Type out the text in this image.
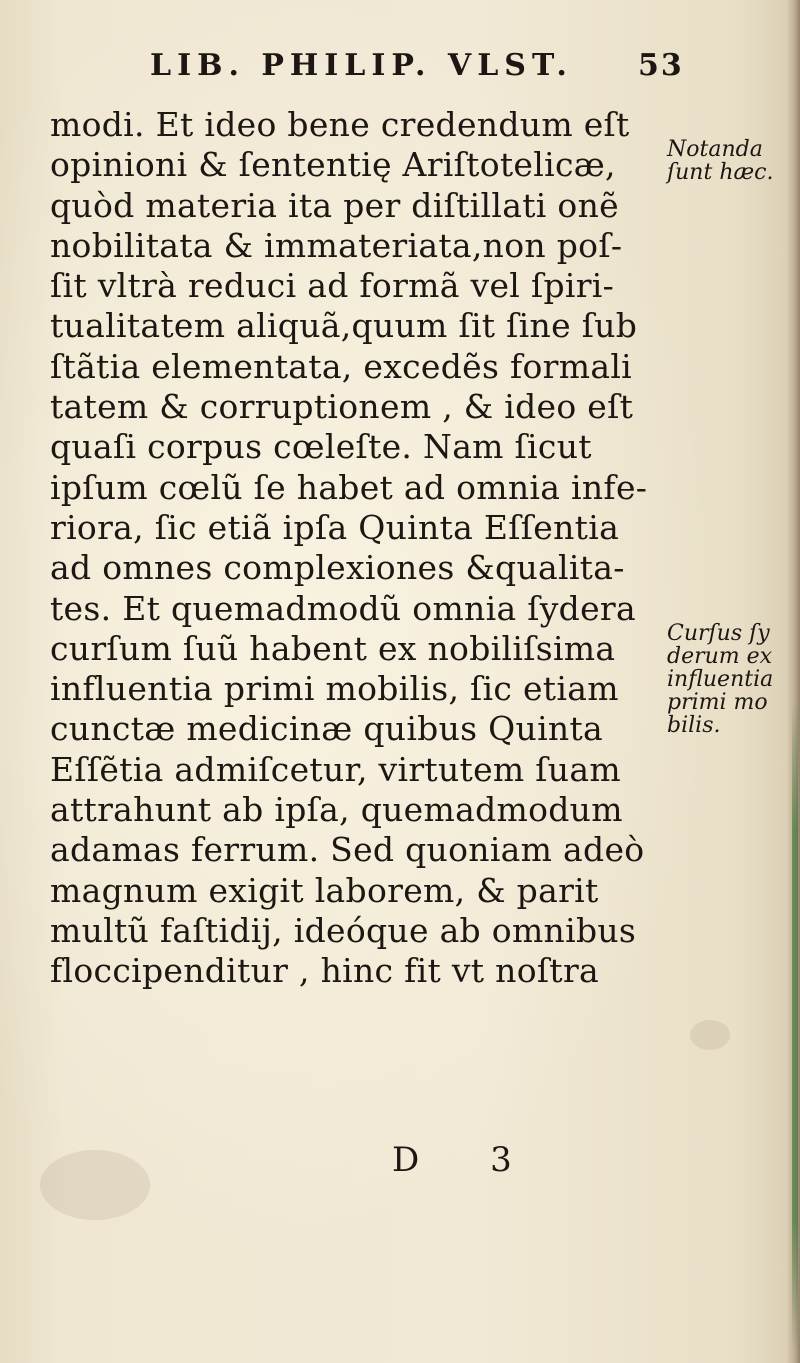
LIB. PHILIP. VLST. 53
modi. Et ideo bene credendum eſt
opinioni & ſententię Ariſtotelicæ,
quòd materia ita per diſtillati onẽ
nobilitata & immateriata,non poſ-
ſit vltrà reduci ad formã vel ſpiri-
tualitatem aliquã,quum ſit ſine ſub
ſtãtia elementata, excedẽs formali
tatem & corruptionem , & ideo eſt
quaſi corpus cœleſte. Nam ſicut
ipſum cœlũ ſe habet ad omnia infe-
riora, ſic etiã ipſa Quinta Eſſentia
ad omnes complexiones &qualita-
tes. Et quemadmodũ omnia ſydera
curſum ſuũ habent ex nobiliſsima
influentia primi mobilis, ſic etiam
cunctæ medicinæ quibus Quinta
Eſſẽtia admiſcetur, virtutem ſuam
attrahunt ab ipſa, quemadmodum
adamas ferrum. Sed quoniam adeò
magnum exigit laborem, & parit
multũ faſtidij, ideóque ab omnibus
floccipenditur , hinc fit vt noſtra
Notanda
ſunt hæc.
Curſus ſy
derum ex
influentia
primi mo
bilis.
D 3
